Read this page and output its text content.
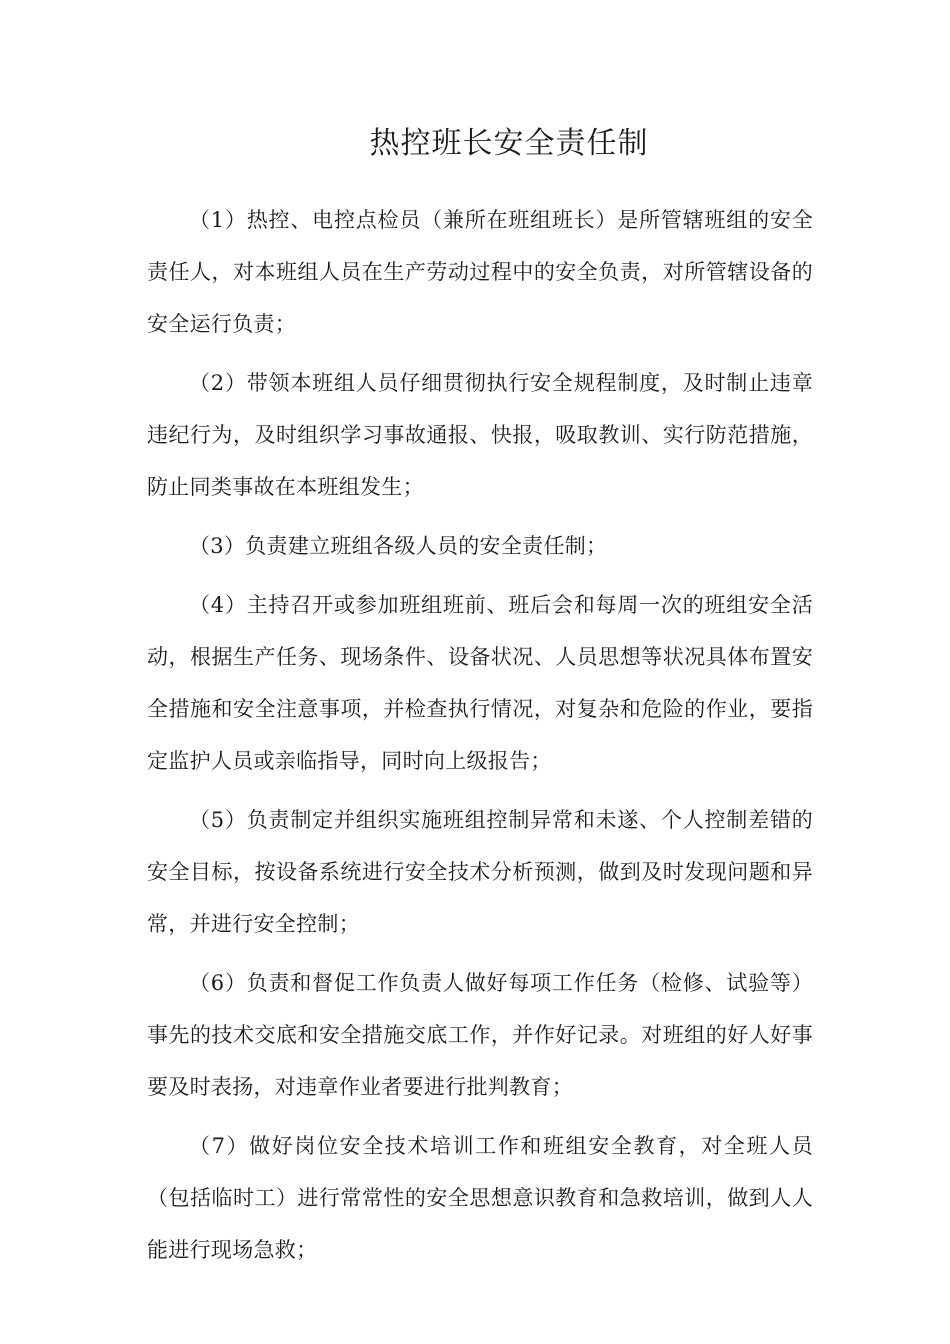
热控班长安全责任制

（1）热控、电控点检员（兼所在班组班长）是所管辖班组的安全责任人，对本班组人员在生产劳动过程中的安全负责，对所管辖设备的安全运行负责；

（2）带领本班组人员仔细贯彻执行安全规程制度，及时制止违章违纪行为，及时组织学习事故通报、快报，吸取教训、实行防范措施，防止同类事故在本班组发生；

（3）负责建立班组各级人员的安全责任制；

（4）主持召开或参加班组班前、班后会和每周一次的班组安全活动，根据生产任务、现场条件、设备状况、人员思想等状况具体布置安全措施和安全注意事项，并检查执行情况，对复杂和危险的作业，要指定监护人员或亲临指导，同时向上级报告；

（5）负责制定并组织实施班组控制异常和未遂、个人控制差错的安全目标，按设备系统进行安全技术分析预测，做到及时发现问题和异常，并进行安全控制；

（6）负责和督促工作负责人做好每项工作任务（检修、试验等）事先的技术交底和安全措施交底工作，并作好记录。对班组的好人好事要及时表扬，对违章作业者要进行批判教育；

（7）做好岗位安全技术培训工作和班组安全教育，对全班人员（包括临时工）进行常常性的安全思想意识教育和急救培训，做到人人能进行现场急救；
